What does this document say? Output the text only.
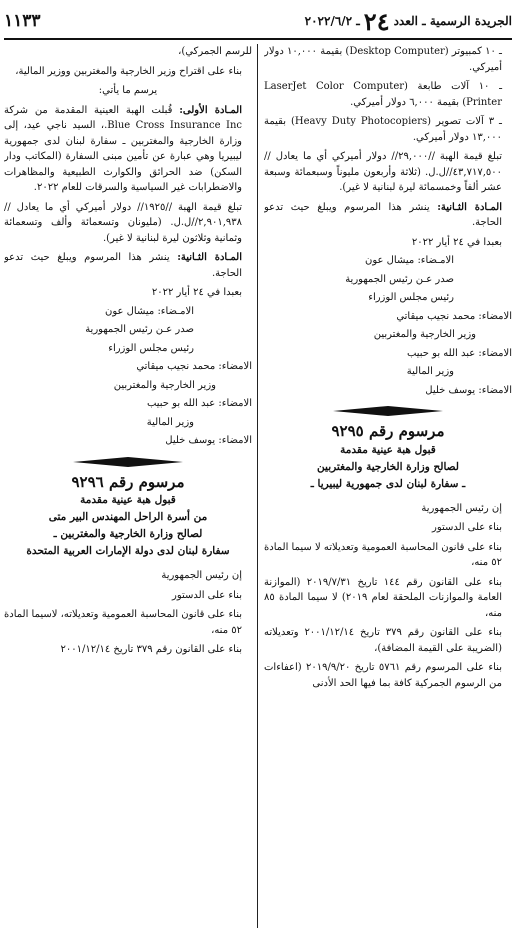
الجريدة الرسمية ـ العدد
٢٤
ـ ٢٠٢٢/٦/٢
١١٣٣

ـ ١٠ كمبيوتر (Desktop Computer) بقيمة ١٠,٠٠٠ دولار أميركي.

ـ ١٠ آلات طابعة LaserJet Color Computer) Printer) بقيمة ٦,٠٠٠ دولار أميركي.

ـ ٣ آلات تصوير (Heavy Duty Photocopiers) بقيمة ١٣,٠٠٠ دولار أميركي.

تبلغ قيمة الهبة //٢٩,٠٠٠// دولار أميركي أي ما يعادل //٤٣,٧١٧,٥٠٠//ل.ل. (ثلاثة وأربعون مليوناً وسبعمائة وسبعة عشر ألفاً وخمسمائة ليرة لبنانية لا غير).

المـادة الثـانية: ينشر هذا المرسوم ويبلغ حيث تدعو الحاجة.

بعبدا في ٢٤ أيار ٢٠٢٢

الامـضاء: ميشال عون

صدر عـن رئيس الجمهورية

رئيس مجلس الوزراء

الامضاء: محمد نجيب ميقاتي

وزير الخارجية والمغتربين

الامضاء: عبد الله بو حبيب

وزير المالية

الامضاء: يوسف خليل

مرسوم رقم ٩٢٩٥
قبول هبة عينية مقدمة
لصالح وزارة الخارجية والمغتربين
ـ سفارة لبنان لدى جمهورية ليبيريا ـ

إن رئيس الجمهورية

بناء على الدستور

بناء على قانون المحاسبة العمومية وتعديلاته لا سيما المادة ٥٢ منه،

بناء على القانون رقم ١٤٤ تاريخ ٢٠١٩/٧/٣١ (الموازنة العامة والموازنات الملحقة لعام ٢٠١٩) لا سيما المادة ٨٥ منه،

بناء على القانون رقم ٣٧٩ تاريخ ٢٠٠١/١٢/١٤ وتعديلاته (الضريبة على القيمة المضافة)،

بناء على المرسوم رقم ٥٧٦١ تاريخ ٢٠١٩/٩/٢٠ (اعفاءات من الرسوم الجمركية كافة بما فيها الحد الأدنى

للرسم الجمركي)،

بناء على اقتراح وزير الخارجية والمغتربين ووزير المالية،

يرسم ما يأتي:

المـادة الأولى: قُبلت الهبة العينية المقدمة من شركة Blue Cross Insurance Inc.، السيد ناجي عيد، إلى وزارة الخارجية والمغتربين ـ سفارة لبنان لدى جمهورية ليبيريا وهي عبارة عن تأمين مبنى السفارة (المكاتب ودار السكن) ضد الحرائق والكوارث الطبيعية والمظاهرات والاضطرابات غير السياسية والسرقات للعام ٢٠٢٢.

تبلغ قيمة الهبة //١٩٢٥// دولار أميركي أي ما يعادل //٢,٩٠١,٩٣٨//ل.ل. (مليونان وتسعمائة وألف وتسعمائة وثمانية وثلاثون ليرة لبنانية لا غير).

المـادة الثـانية: ينشر هذا المرسوم ويبلغ حيث تدعو الحاجة.

بعبدا في ٢٤ أيار ٢٠٢٢

الامـضاء: ميشال عون

صدر عـن رئيس الجمهورية

رئيس مجلس الوزراء

الامضاء: محمد نجيب ميقاتي

وزير الخارجية والمغتربين

الامضاء: عبد الله بو حبيب

وزير المالية

الامضاء: يوسف خليل

مرسوم رقم ٩٢٩٦
قبول هبة عينية مقدمة
من أسرة الراحل المهندس البير متى
لصالح وزارة الخارجية والمغتربين ـ
سفارة لبنان لدى دولة الإمارات العربية المتحدة

إن رئيس الجمهورية

بناء على الدستور

بناء على قانون المحاسبة العمومية وتعديلاته، لاسيما المادة ٥٢ منه،

بناء على القانون رقم ٣٧٩ تاريخ ٢٠٠١/١٢/١٤
